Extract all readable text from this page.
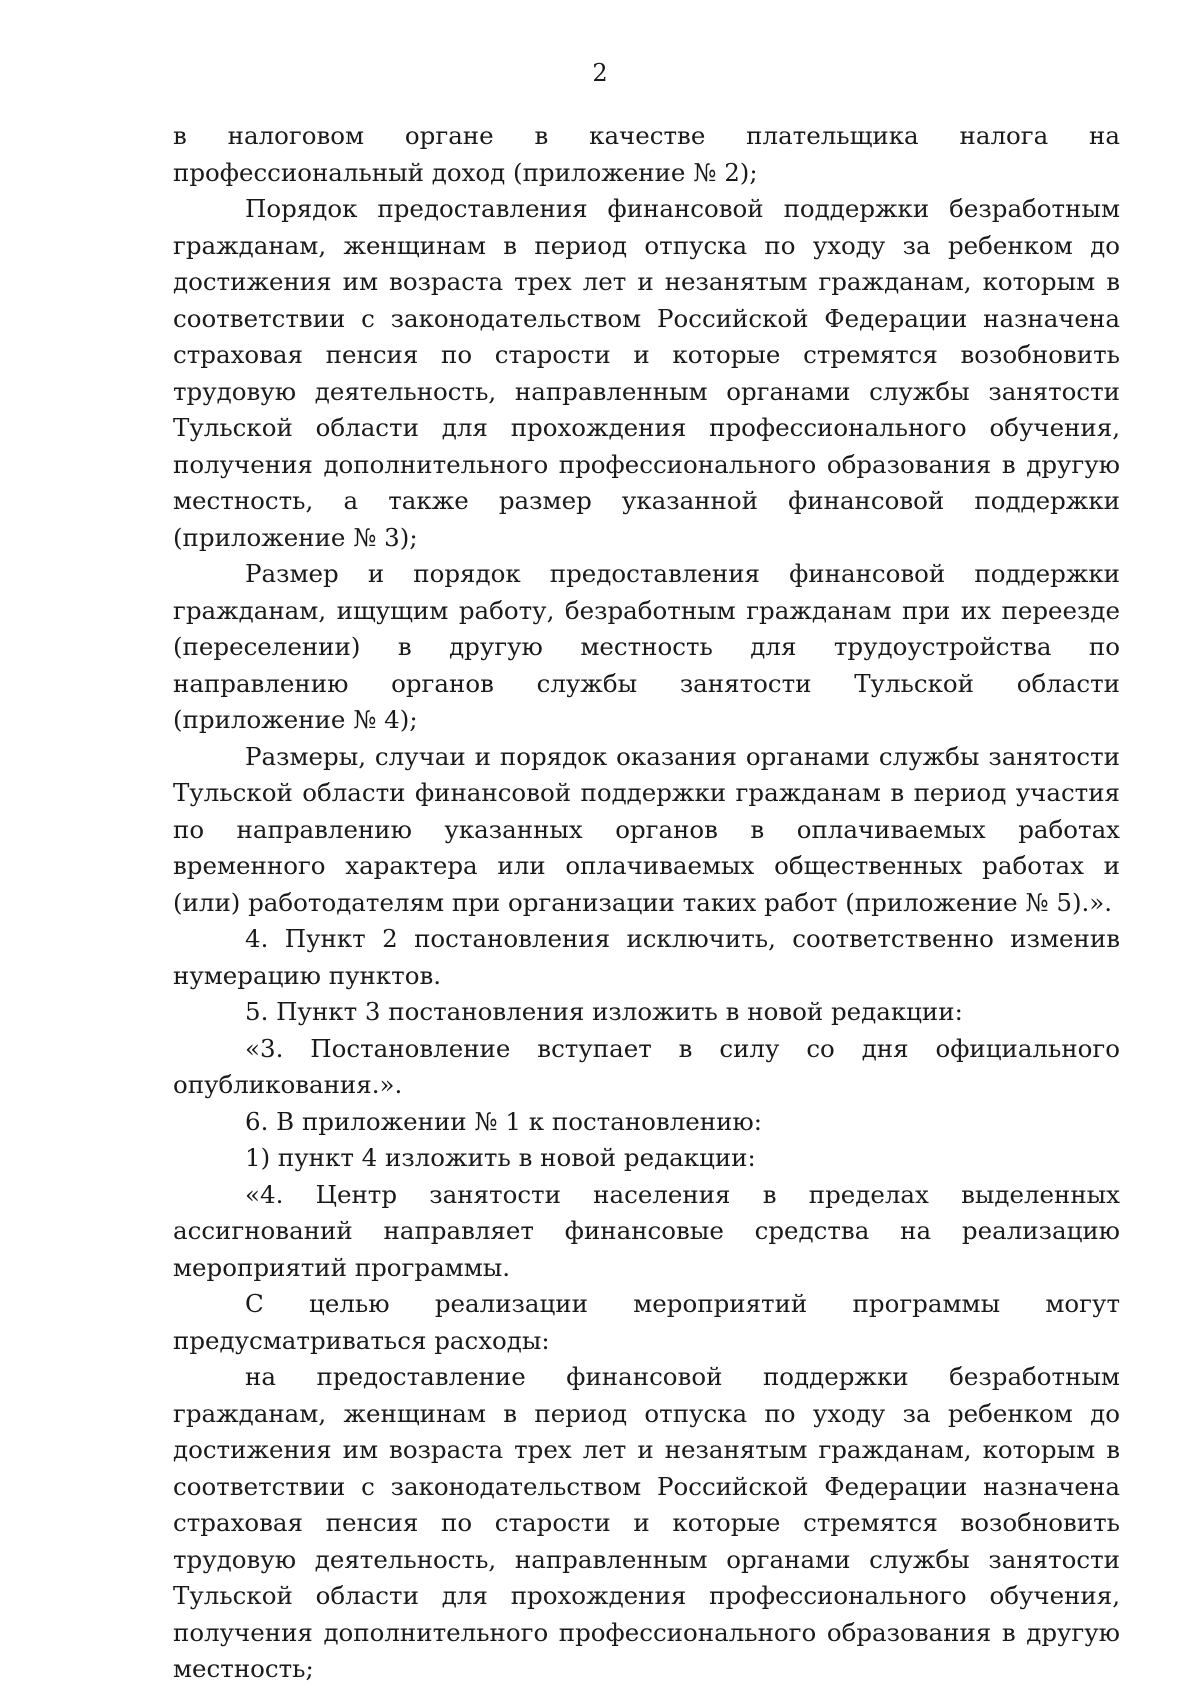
2

в налоговом органе в качестве плательщика налога на профессиональный доход (приложение № 2);

Порядок предоставления финансовой поддержки безработным гражданам, женщинам в период отпуска по уходу за ребенком до достижения им возраста трех лет и незанятым гражданам, которым в соответствии с законодательством Российской Федерации назначена страховая пенсия по старости и которые стремятся возобновить трудовую деятельность, направленным органами службы занятости Тульской области для прохождения профессионального обучения, получения дополнительного профессионального образования в другую местность, а также размер указанной финансовой поддержки (приложение № 3);

Размер и порядок предоставления финансовой поддержки гражданам, ищущим работу, безработным гражданам при их переезде (переселении) в другую местность для трудоустройства по направлению органов службы занятости Тульской области (приложение № 4);

Размеры, случаи и порядок оказания органами службы занятости Тульской области финансовой поддержки гражданам в период участия по направлению указанных органов в оплачиваемых работах временного характера или оплачиваемых общественных работах и (или) работодателям при организации таких работ (приложение № 5).».

4. Пункт 2 постановления исключить, соответственно изменив нумерацию пунктов.

5. Пункт 3 постановления изложить в новой редакции:

«3. Постановление вступает в силу со дня официального опубликования.».

6. В приложении № 1 к постановлению:

1) пункт 4 изложить в новой редакции:

«4. Центр занятости населения в пределах выделенных ассигнований направляет финансовые средства на реализацию мероприятий программы.

С целью реализации мероприятий программы могут предусматриваться расходы:

на предоставление финансовой поддержки безработным гражданам, женщинам в период отпуска по уходу за ребенком до достижения им возраста трех лет и незанятым гражданам, которым в соответствии с законодательством Российской Федерации назначена страховая пенсия по старости и которые стремятся возобновить трудовую деятельность, направленным органами службы занятости Тульской области для прохождения профессионального обучения, получения дополнительного профессионального образования в другую местность;
